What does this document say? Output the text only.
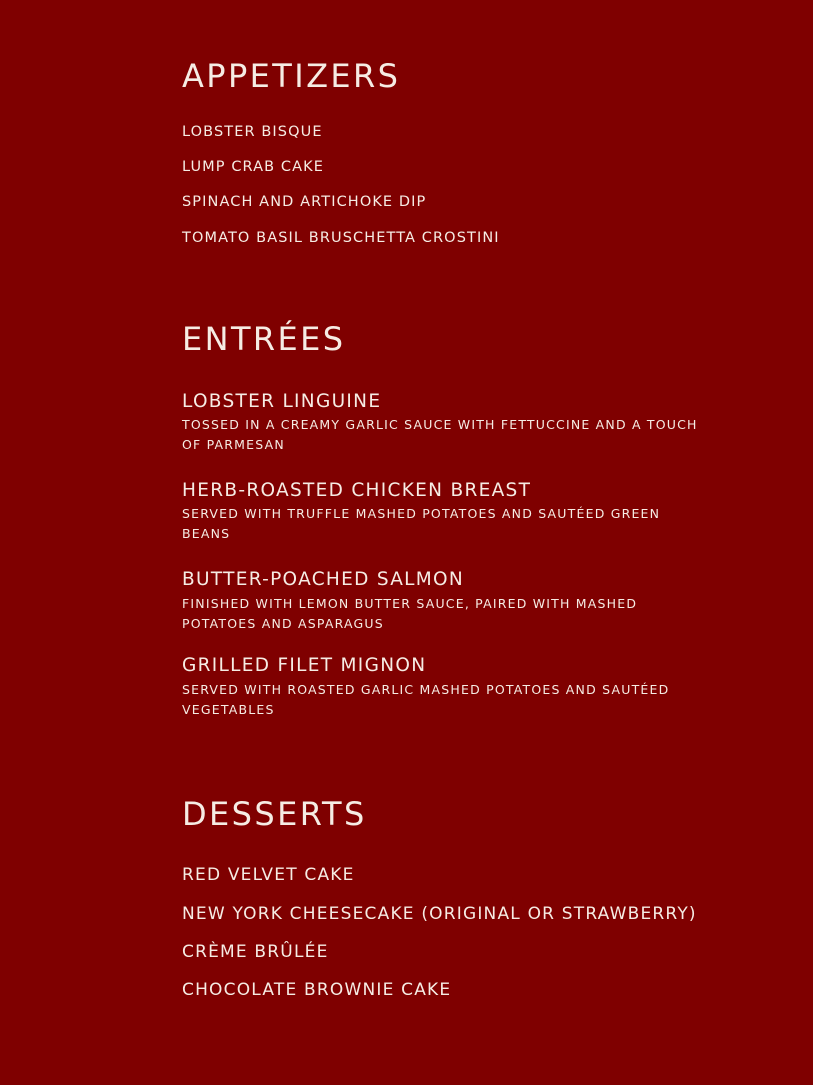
APPETIZERS
LOBSTER BISQUE
LUMP CRAB CAKE
SPINACH AND ARTICHOKE DIP
TOMATO BASIL BRUSCHETTA CROSTINI
ENTRÉES
LOBSTER LINGUINE
TOSSED IN A CREAMY GARLIC SAUCE WITH FETTUCCINE AND A TOUCH OF PARMESAN
HERB-ROASTED CHICKEN BREAST
SERVED WITH TRUFFLE MASHED POTATOES AND SAUTÉED GREEN BEANS
BUTTER-POACHED SALMON
FINISHED WITH LEMON BUTTER SAUCE, PAIRED WITH MASHED POTATOES AND ASPARAGUS
GRILLED FILET MIGNON
SERVED WITH ROASTED GARLIC MASHED POTATOES AND SAUTÉED VEGETABLES
DESSERTS
RED VELVET CAKE
NEW YORK CHEESECAKE (ORIGINAL OR STRAWBERRY)
CRÈME BRÛLÉE
CHOCOLATE BROWNIE CAKE
